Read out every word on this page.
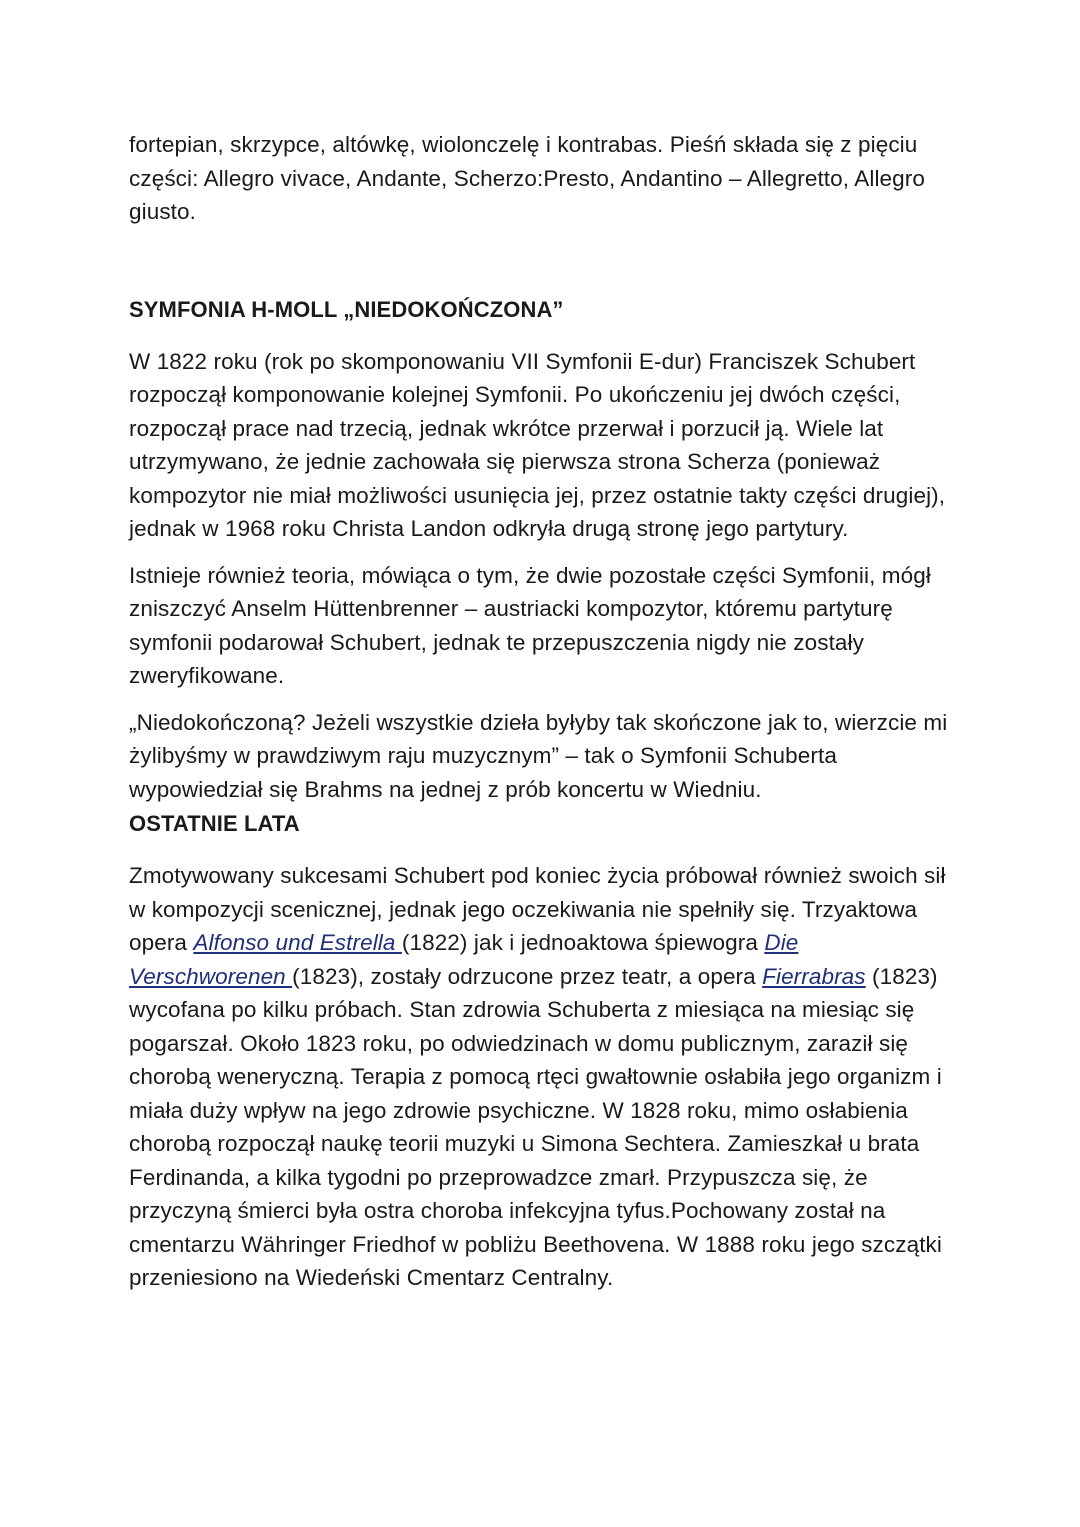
fortepian, skrzypce, altówkę, wiolonczelę i kontrabas. Pieśń składa się z pięciu części: Allegro vivace, Andante, Scherzo:Presto, Andantino – Allegretto, Allegro giusto.

SYMFONIA H-MOLL „NIEDOKOŃCZONA”

W 1822 roku (rok po skomponowaniu VII Symfonii E-dur) Franciszek Schubert rozpoczął komponowanie kolejnej Symfonii. Po ukończeniu jej dwóch części, rozpoczął prace nad trzecią, jednak wkrótce przerwał i porzucił ją. Wiele lat utrzymywano, że jednie zachowała się pierwsza strona Scherza (ponieważ kompozytor nie miał możliwości usunięcia jej, przez ostatnie takty części drugiej), jednak w 1968 roku Christa Landon odkryła drugą stronę jego partytury.

Istnieje również teoria, mówiąca o tym, że dwie pozostałe części Symfonii, mógł zniszczyć Anselm Hüttenbrenner – austriacki kompozytor, któremu partyturę symfonii podarował Schubert, jednak te przepuszczenia nigdy nie zostały zweryfikowane.

„Niedokończoną? Jeżeli wszystkie dzieła byłyby tak skończone jak to, wierzcie mi żylibyśmy w prawdziwym raju muzycznym” – tak o Symfonii Schuberta wypowiedział się Brahms na jednej z prób koncertu w Wiedniu.

OSTATNIE LATA

Zmotywowany sukcesami Schubert pod koniec życia próbował również swoich sił w kompozycji scenicznej, jednak jego oczekiwania nie spełniły się. Trzyaktowa opera Alfonso und Estrella (1822) jak i jednoaktowa śpiewogra Die Verschworenen (1823), zostały odrzucone przez teatr, a opera Fierrabras (1823) wycofana po kilku próbach. Stan zdrowia Schuberta z miesiąca na miesiąc się pogarszał. Około 1823 roku, po odwiedzinach w domu publicznym, zaraził się chorobą weneryczną. Terapia z pomocą rtęci gwałtownie osłabiła jego organizm i miała duży wpływ na jego zdrowie psychiczne. W 1828 roku, mimo osłabienia chorobą rozpoczął naukę teorii muzyki u Simona Sechtera. Zamieszkał u brata Ferdinanda, a kilka tygodni po przeprowadzce zmarł. Przypuszcza się, że przyczyną śmierci była ostra choroba infekcyjna tyfus.Pochowany został na cmentarzu Währinger Friedhof w pobliżu Beethovena. W 1888 roku jego szczątki przeniesiono na Wiedeński Cmentarz Centralny.
